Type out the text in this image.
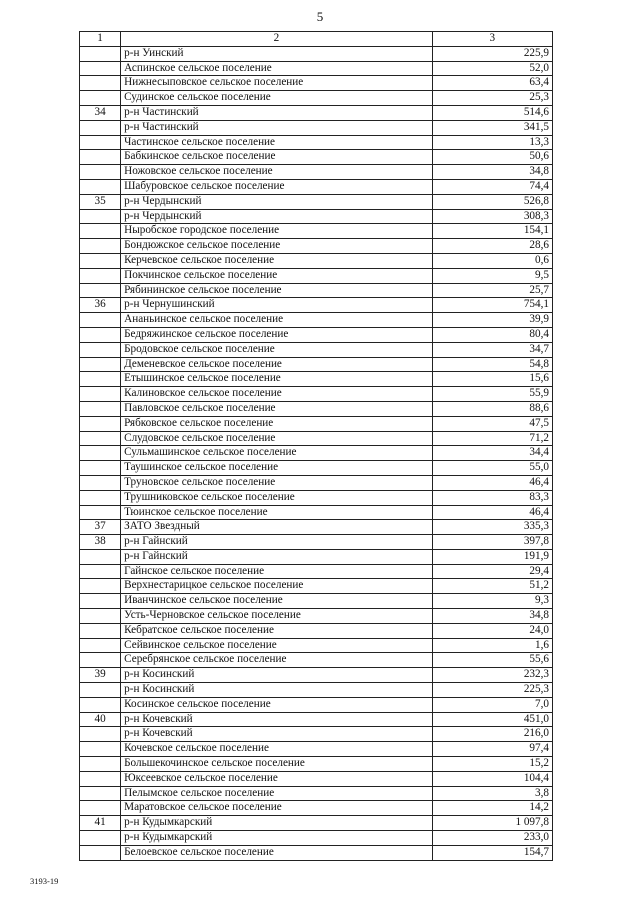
5
1	2	3
	р-н Уинский	225,9
	Аспинское сельское поселение	52,0
	Нижнесыповское сельское поселение	63,4
	Судинское сельское поселение	25,3
34	р-н Частинский	514,6
	р-н Частинский	341,5
	Частинское сельское поселение	13,3
	Бабкинское сельское поселение	50,6
	Ножовское сельское поселение	34,8
	Шабуровское сельское поселение	74,4
35	р-н Чердынский	526,8
	р-н Чердынский	308,3
	Ныробское городское поселение	154,1
	Бондюжское сельское поселение	28,6
	Керчевское сельское поселение	0,6
	Покчинское сельское поселение	9,5
	Рябининское сельское поселение	25,7
36	р-н Чернушинский	754,1
	Ананьинское сельское поселение	39,9
	Бедряжинское сельское поселение	80,4
	Бродовское сельское поселение	34,7
	Деменевское сельское поселение	54,8
	Етышинское сельское поселение	15,6
	Калиновское сельское поселение	55,9
	Павловское сельское поселение	88,6
	Рябковское сельское поселение	47,5
	Слудовское сельское поселение	71,2
	Сульмашинское сельское поселение	34,4
	Таушинское сельское поселение	55,0
	Труновское сельское поселение	46,4
	Трушниковское сельское поселение	83,3
	Тюинское сельское поселение	46,4
37	ЗАТО Звездный	335,3
38	р-н Гайнский	397,8
	р-н Гайнский	191,9
	Гайнское сельское поселение	29,4
	Верхнестарицкое сельское поселение	51,2
	Иванчинское сельское поселение	9,3
	Усть-Черновское сельское поселение	34,8
	Кебратское сельское поселение	24,0
	Сейвинское сельское поселение	1,6
	Серебрянское сельское поселение	55,6
39	р-н Косинский	232,3
	р-н Косинский	225,3
	Косинское сельское поселение	7,0
40	р-н Кочевский	451,0
	р-н Кочевский	216,0
	Кочевское сельское поселение	97,4
	Большекочинское сельское поселение	15,2
	Юксеевское сельское поселение	104,4
	Пелымское сельское поселение	3,8
	Маратовское сельское поселение	14,2
41	р-н Кудымкарский	1 097,8
	р-н Кудымкарский	233,0
	Белоевское сельское поселение	154,7
3193-19
